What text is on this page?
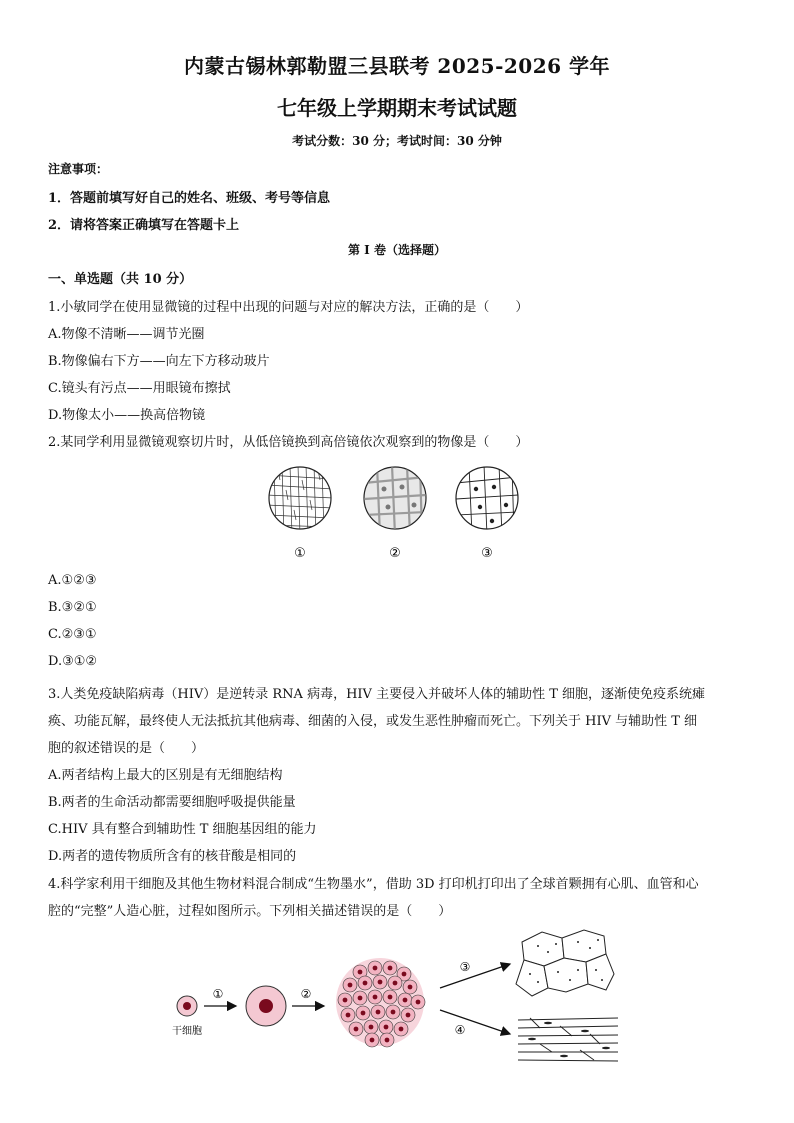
内蒙古锡林郭勒盟三县联考 2025-2026 学年
七年级上学期期末考试试题
考试分数：30 分；考试时间：30 分钟
注意事项：
1．答题前填写好自己的姓名、班级、考号等信息
2．请将答案正确填写在答题卡上
第 I 卷（选择题）
一、单选题（共 10 分）
1.小敏同学在使用显微镜的过程中出现的问题与对应的解决方法，正确的是（　　）
A.物像不清晰——调节光圈
B.物像偏右下方——向左下方移动玻片
C.镜头有污点——用眼镜布擦拭
D.物像太小——换高倍物镜
2.某同学利用显微镜观察切片时，从低倍镜换到高倍镜依次观察到的物像是（　　）
①	②	③
A.①②③
B.③②①
C.②③①
D.③①②
3.人类免疫缺陷病毒（HIV）是逆转录 RNA 病毒，HIV 主要侵入并破坏人体的辅助性 T 细胞，逐渐使免疫系统瘫
痪、功能瓦解，最终使人无法抵抗其他病毒、细菌的入侵，或发生恶性肿瘤而死亡。下列关于 HIV 与辅助性 T 细
胞的叙述错误的是（　　）
A.两者结构上最大的区别是有无细胞结构
B.两者的生命活动都需要细胞呼吸提供能量
C.HIV 具有整合到辅助性 T 细胞基因组的能力
D.两者的遗传物质所含有的核苷酸是相同的
4.科学家利用干细胞及其他生物材料混合制成“生物墨水”，借助 3D 打印机打印出了全球首颗拥有心肌、血管和心
腔的“完整”人造心脏，过程如图所示。下列相关描述错误的是（　　）
干细胞
①	②
③
④
